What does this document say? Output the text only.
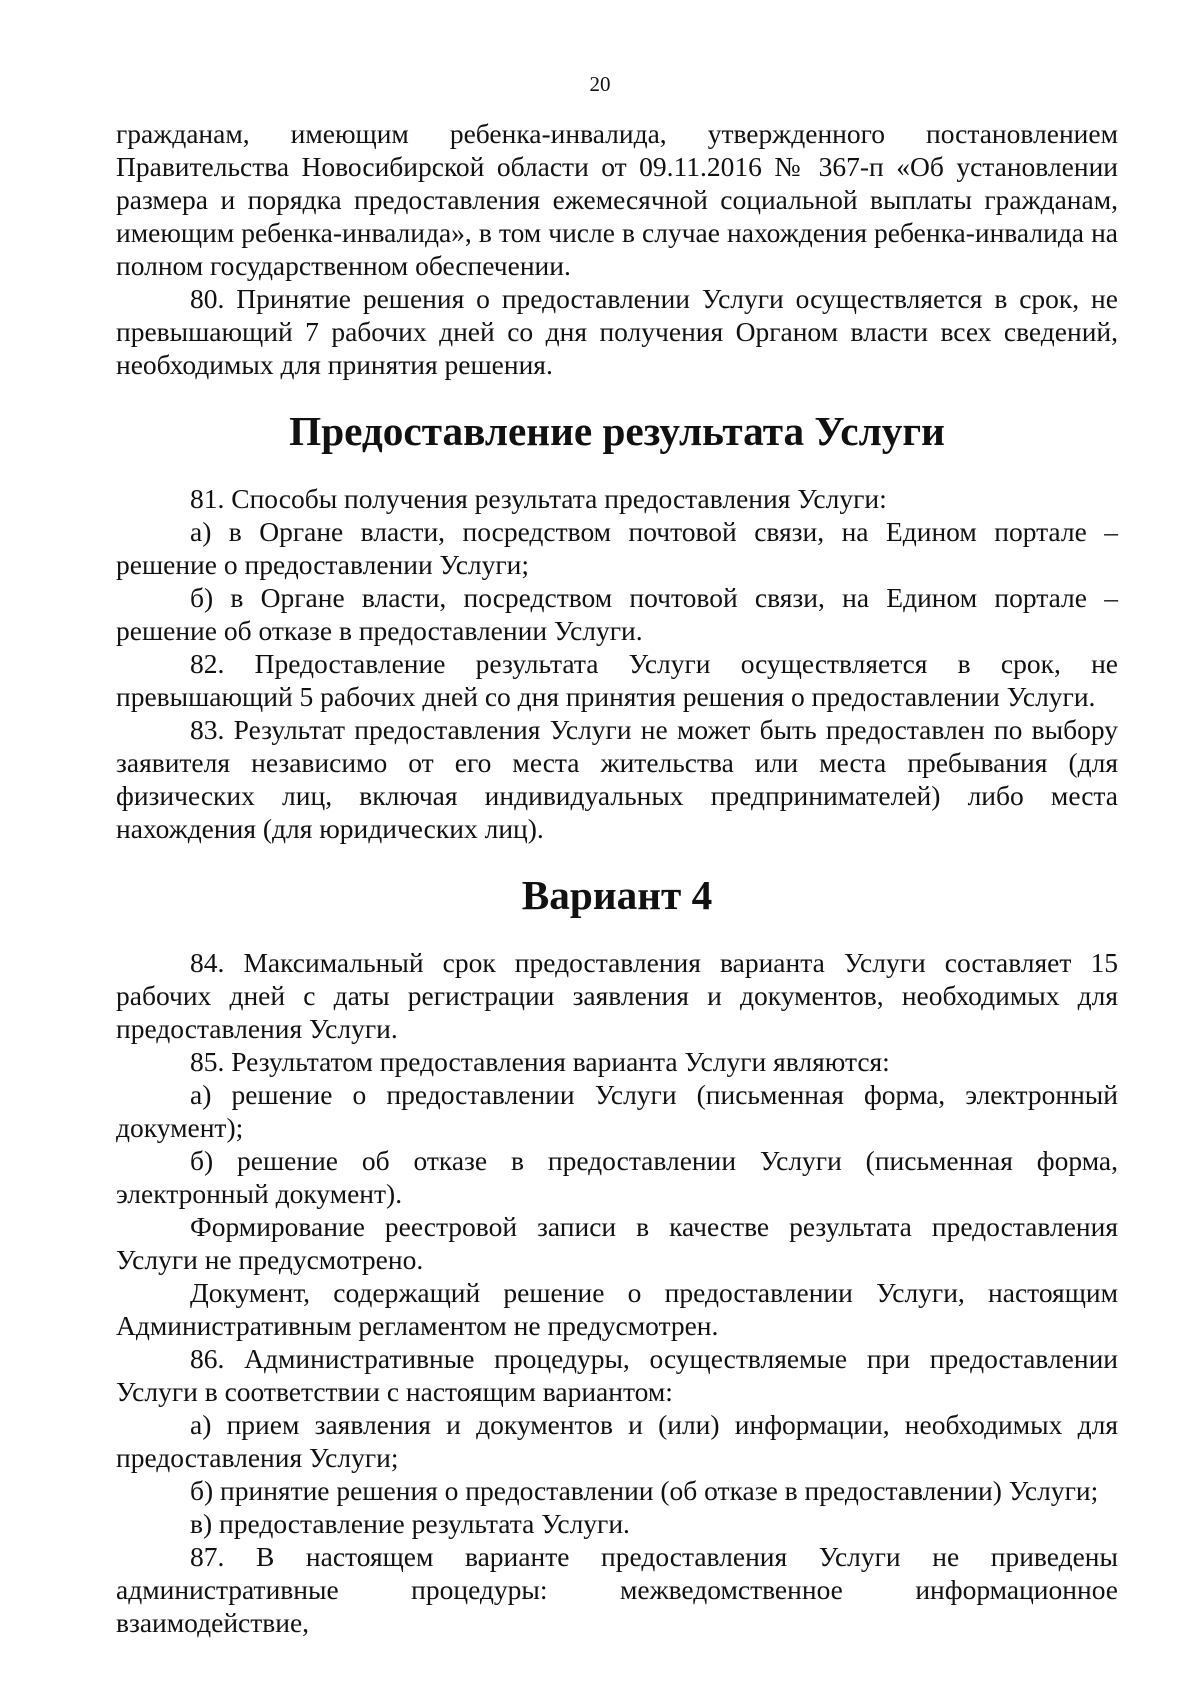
20

гражданам, имеющим ребенка-инвалида, утвержденного постановлением Правительства Новосибирской области от 09.11.2016 № 367-п «Об установлении размера и порядка предоставления ежемесячной социальной выплаты гражданам, имеющим ребенка-инвалида», в том числе в случае нахождения ребенка-инвалида на полном государственном обеспечении.

80. Принятие решения о предоставлении Услуги осуществляется в срок, не превышающий 7 рабочих дней со дня получения Органом власти всех сведений, необходимых для принятия решения.

Предоставление результата Услуги

81. Способы получения результата предоставления Услуги:

а) в Органе власти, посредством почтовой связи, на Едином портале – решение о предоставлении Услуги;

б) в Органе власти, посредством почтовой связи, на Едином портале – решение об отказе в предоставлении Услуги.

82. Предоставление результата Услуги осуществляется в срок, не превышающий 5 рабочих дней со дня принятия решения о предоставлении Услуги.

83. Результат предоставления Услуги не может быть предоставлен по выбору заявителя независимо от его места жительства или места пребывания (для физических лиц, включая индивидуальных предпринимателей) либо места нахождения (для юридических лиц).

Вариант 4

84. Максимальный срок предоставления варианта Услуги составляет 15 рабочих дней с даты регистрации заявления и документов, необходимых для предоставления Услуги.

85. Результатом предоставления варианта Услуги являются:

а) решение о предоставлении Услуги (письменная форма, электронный документ);

б) решение об отказе в предоставлении Услуги (письменная форма, электронный документ).

Формирование реестровой записи в качестве результата предоставления Услуги не предусмотрено.

Документ, содержащий решение о предоставлении Услуги, настоящим Административным регламентом не предусмотрен.

86. Административные процедуры, осуществляемые при предоставлении Услуги в соответствии с настоящим вариантом:

а) прием заявления и документов и (или) информации, необходимых для предоставления Услуги;

б) принятие решения о предоставлении (об отказе в предоставлении) Услуги;

в) предоставление результата Услуги.

87. В настоящем варианте предоставления Услуги не приведены административные процедуры: межведомственное информационное взаимодействие,
